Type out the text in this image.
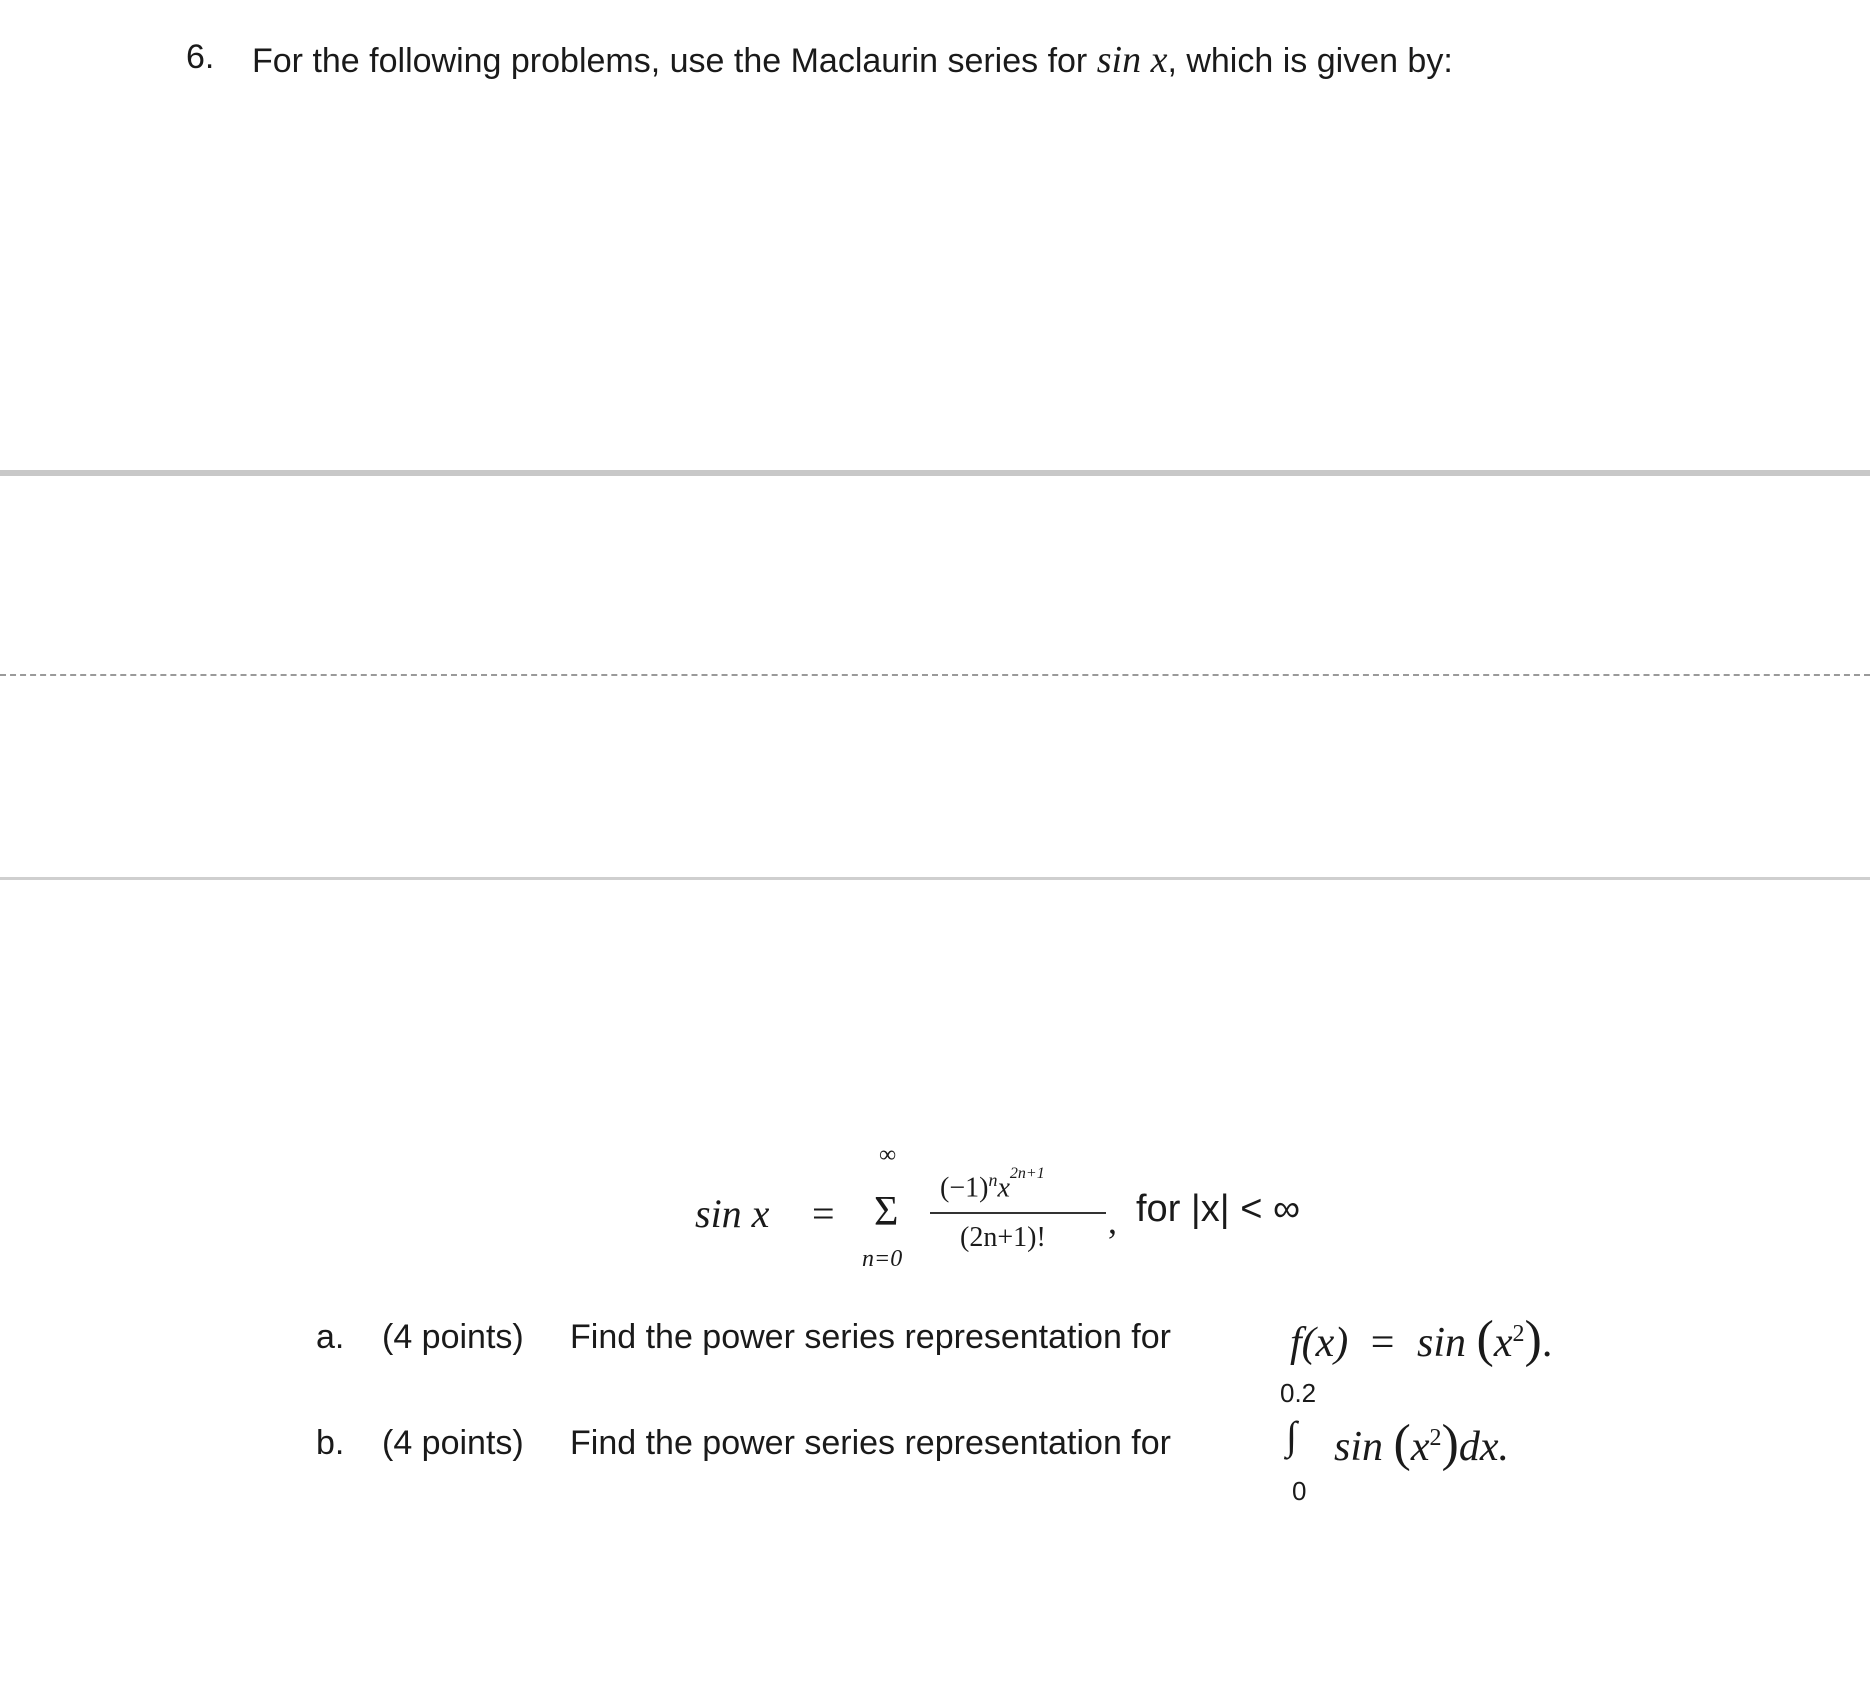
6. For the following problems, use the Maclaurin series for sin x, which is given by:
sin x =
∞
Σ
n=0
$(-1)^nx^{2n+1}$
(2n+1)! , for |x| < ∞
a. (4 points) Find the power series representation for	$f(x) = \sin (x^2)$.
b. (4 points) Find the power series representation for
0.2
∫
0
$\sin (x^2)dx$.
